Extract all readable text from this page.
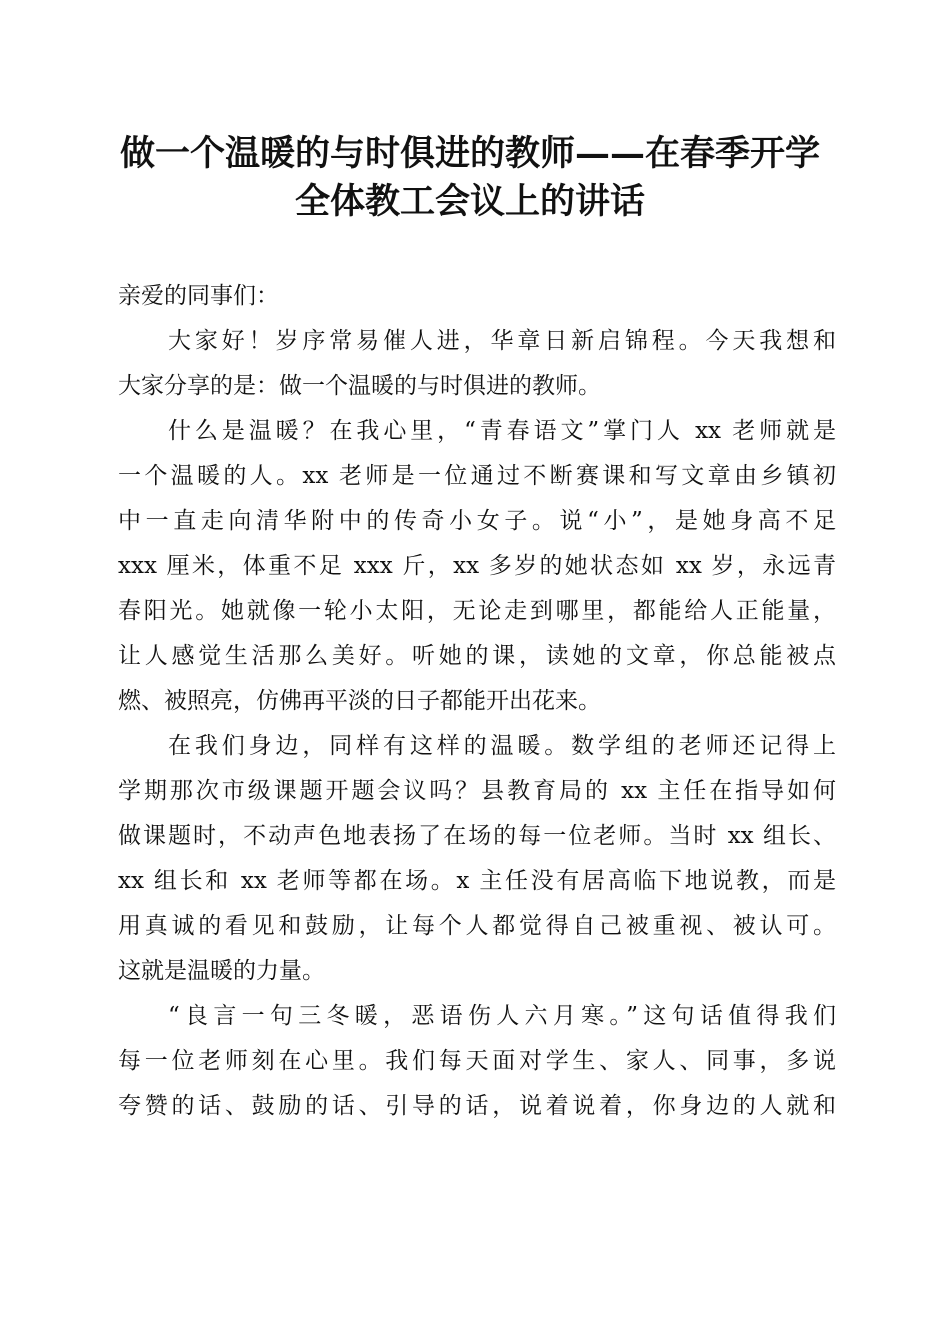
做一个温暖的与时俱进的教师——在春季开学
全体教工会议上的讲话
亲爱的同事们：
大家好！岁序常易催人进，华章日新启锦程。今天我想和
大家分享的是：做一个温暖的与时俱进的教师。
什么是温暖？在我心里，“青春语文”掌门人 xx 老师就是
一个温暖的人。xx 老师是一位通过不断赛课和写文章由乡镇初
中一直走向清华附中的传奇小女子。说“小”，是她身高不足
xxx 厘米，体重不足 xxx 斤，xx 多岁的她状态如 xx 岁，永远青
春阳光。她就像一轮小太阳，无论走到哪里，都能给人正能量，
让人感觉生活那么美好。听她的课，读她的文章，你总能被点
燃、被照亮，仿佛再平淡的日子都能开出花来。
在我们身边，同样有这样的温暖。数学组的老师还记得上
学期那次市级课题开题会议吗？县教育局的 xx 主任在指导如何
做课题时，不动声色地表扬了在场的每一位老师。当时 xx 组长、
xx 组长和 xx 老师等都在场。x 主任没有居高临下地说教，而是
用真诚的看见和鼓励，让每个人都觉得自己被重视、被认可。
这就是温暖的力量。
“良言一句三冬暖，恶语伤人六月寒。”这句话值得我们
每一位老师刻在心里。我们每天面对学生、家人、同事，多说
夸赞的话、鼓励的话、引导的话，说着说着，你身边的人就和
